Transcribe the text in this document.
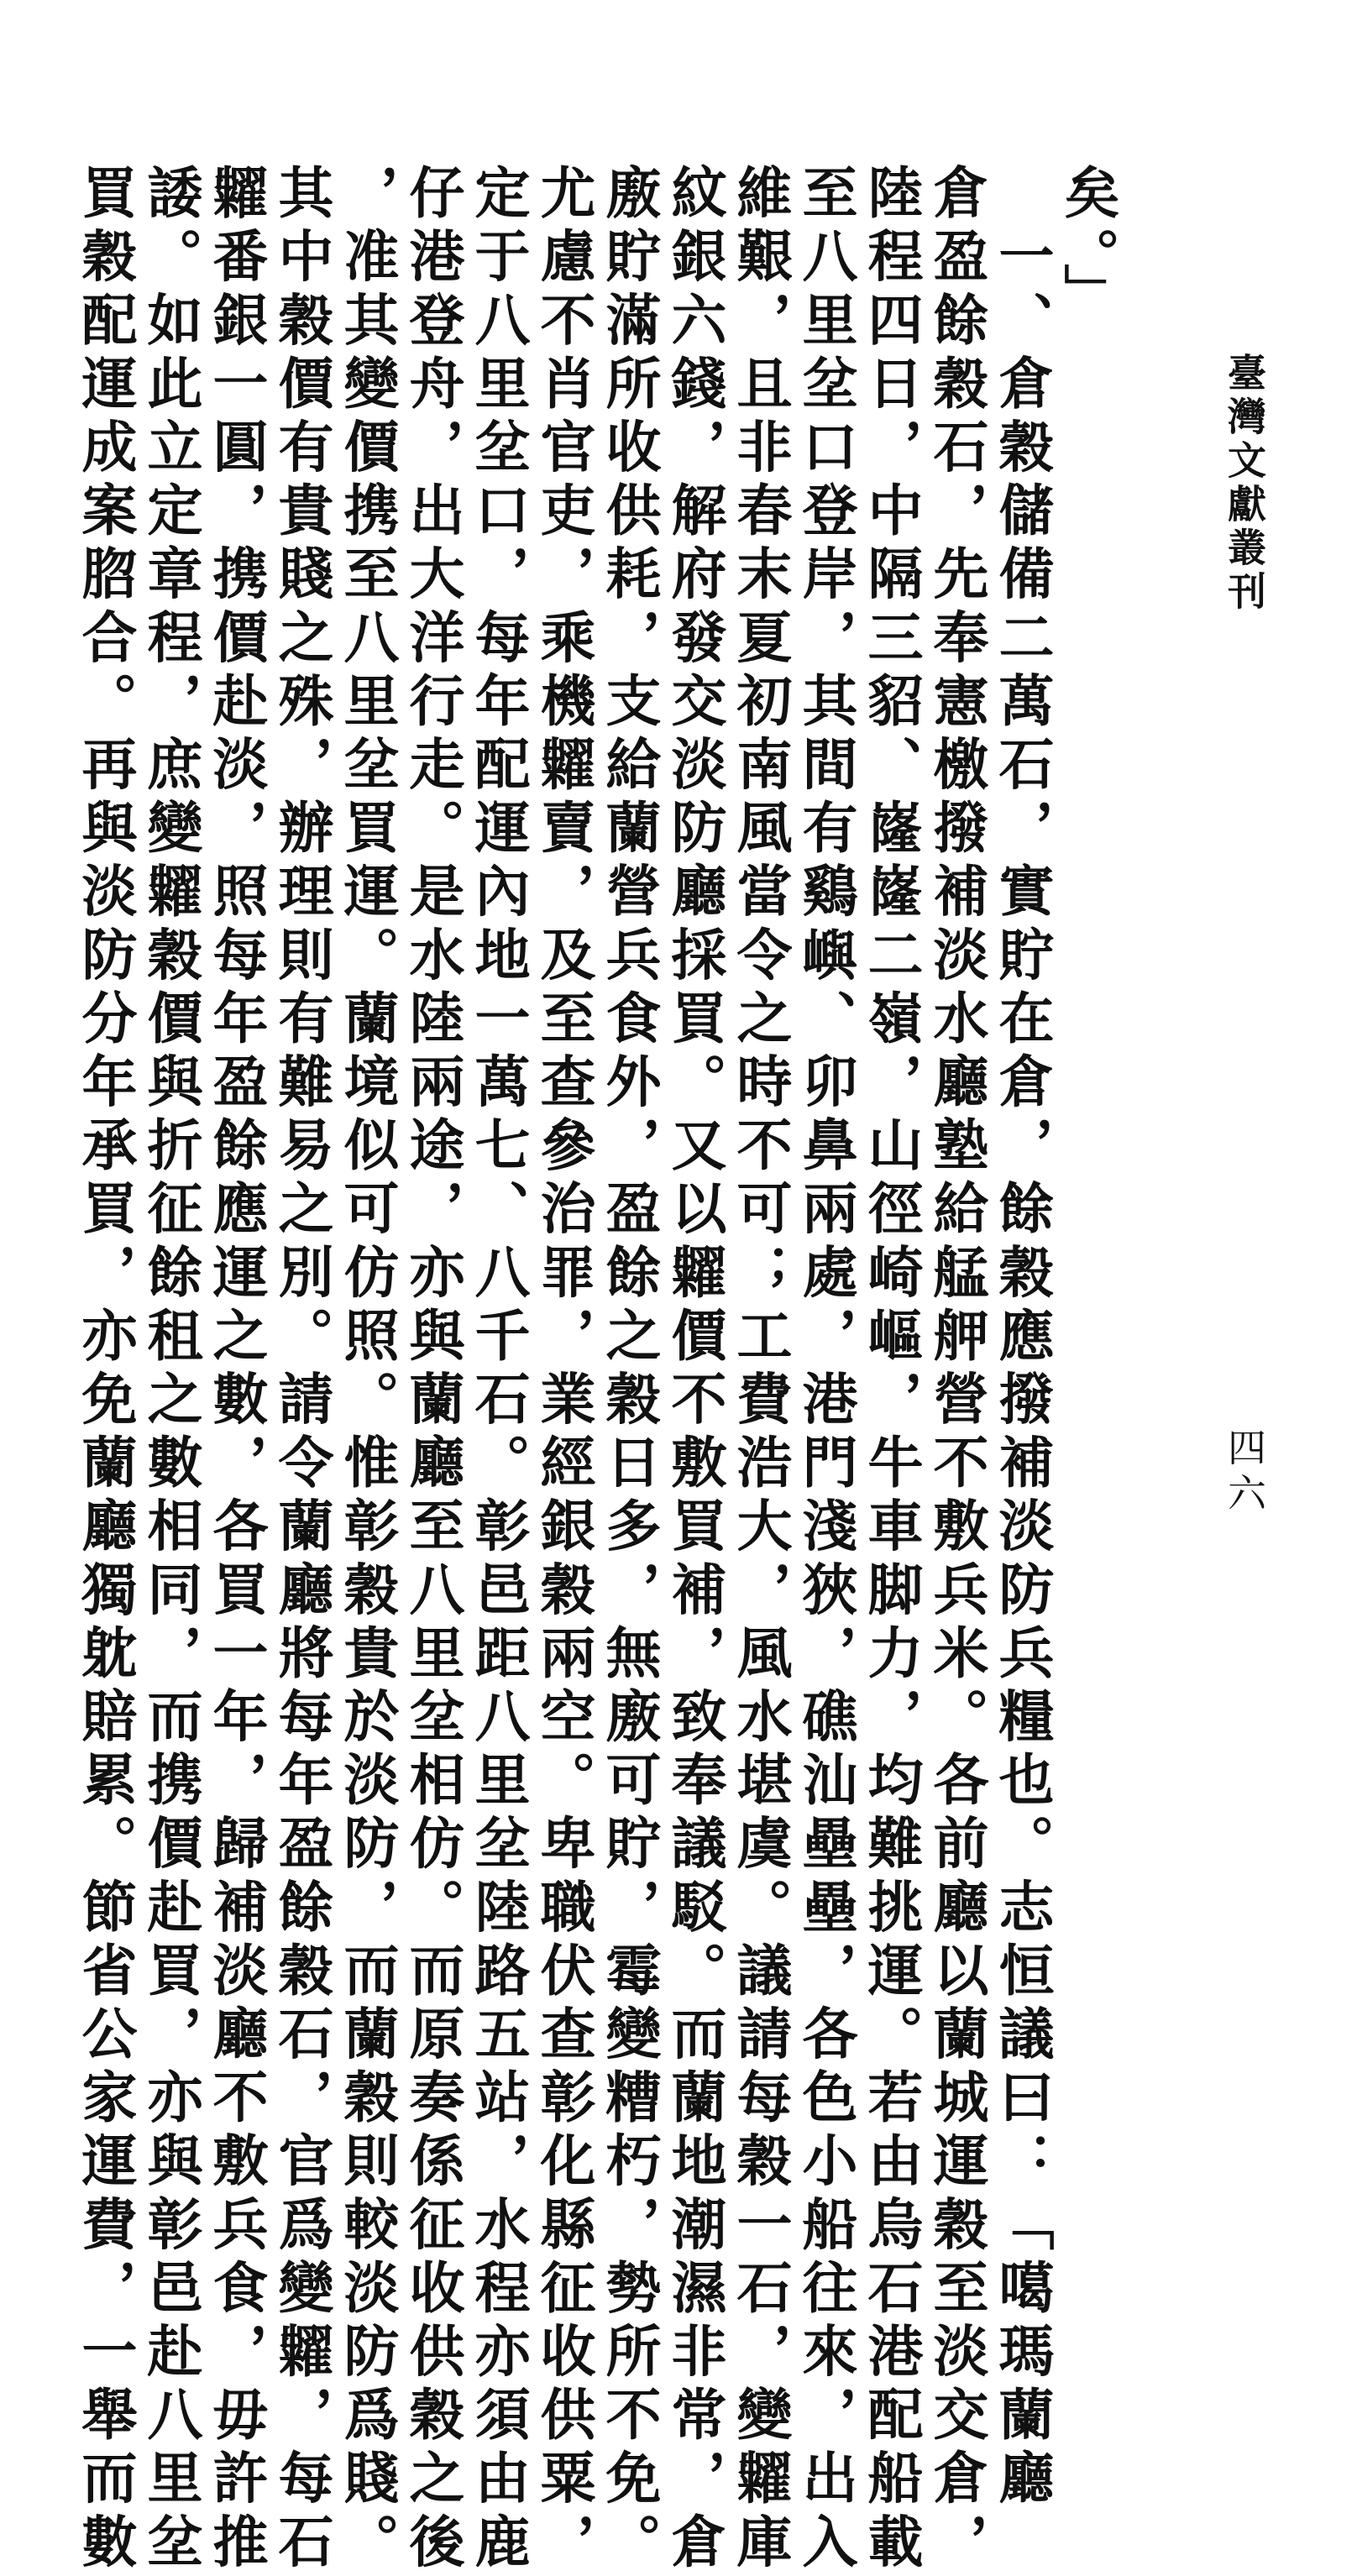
臺灣文獻叢刊
四六
矣。」
　一、倉穀儲備二萬石，實貯在倉，餘穀應撥補淡防兵糧也。志恒議曰：「噶瑪蘭廳
倉盈餘穀石，先奉憲檄撥補淡水廳塾給艋舺營不敷兵米。各前廳以蘭城運穀至淡交倉，
陸程四日，中隔三貂、嶐嶐二嶺，山徑崎嶇，牛車脚力，均難挑運。若由烏石港配船載
至八里坌口登岸，其間有鷄嶼、卯鼻兩處，港門淺狹，礁汕壘壘，各色小船往來，出入
維艱，且非春末夏初南風當令之時不可；工費浩大，風水堪虞。議請每穀一石，變糶庫
紋銀六錢，解府發交淡防廳採買。又以糶價不敷買補，致奉議駁。而蘭地潮濕非常，倉
廒貯滿所收供耗，支給蘭營兵食外，盈餘之穀日多，無廒可貯，霉變糟朽，勢所不免。
尤慮不肖官吏，乘機糶賣，及至查參治罪，業經銀穀兩空。卑職伏查彰化縣征收供粟，
定于八里坌口，每年配運內地一萬七、八千石。彰邑距八里坌陸路五站，水程亦須由鹿
仔港登舟，出大洋行走。是水陸兩途，亦與蘭廳至八里坌相仿。而原奏係征收供穀之後
，准其變價携至八里坌買運。蘭境似可仿照。惟彰穀貴於淡防，而蘭穀則較淡防爲賤。
其中穀價有貴賤之殊，辦理則有難易之別。請令蘭廳將每年盈餘穀石，官爲變糶，每石
糶番銀一圓，携價赴淡，照每年盈餘應運之數，各買一年，歸補淡廳不敷兵食，毋許推
諉。如此立定章程，庶變糶穀價與折征餘租之數相同，而携價赴買，亦與彰邑赴八里坌
買穀配運成案脗合。再與淡防分年承買，亦免蘭廳獨躭賠累。節省公家運費，一舉而數
